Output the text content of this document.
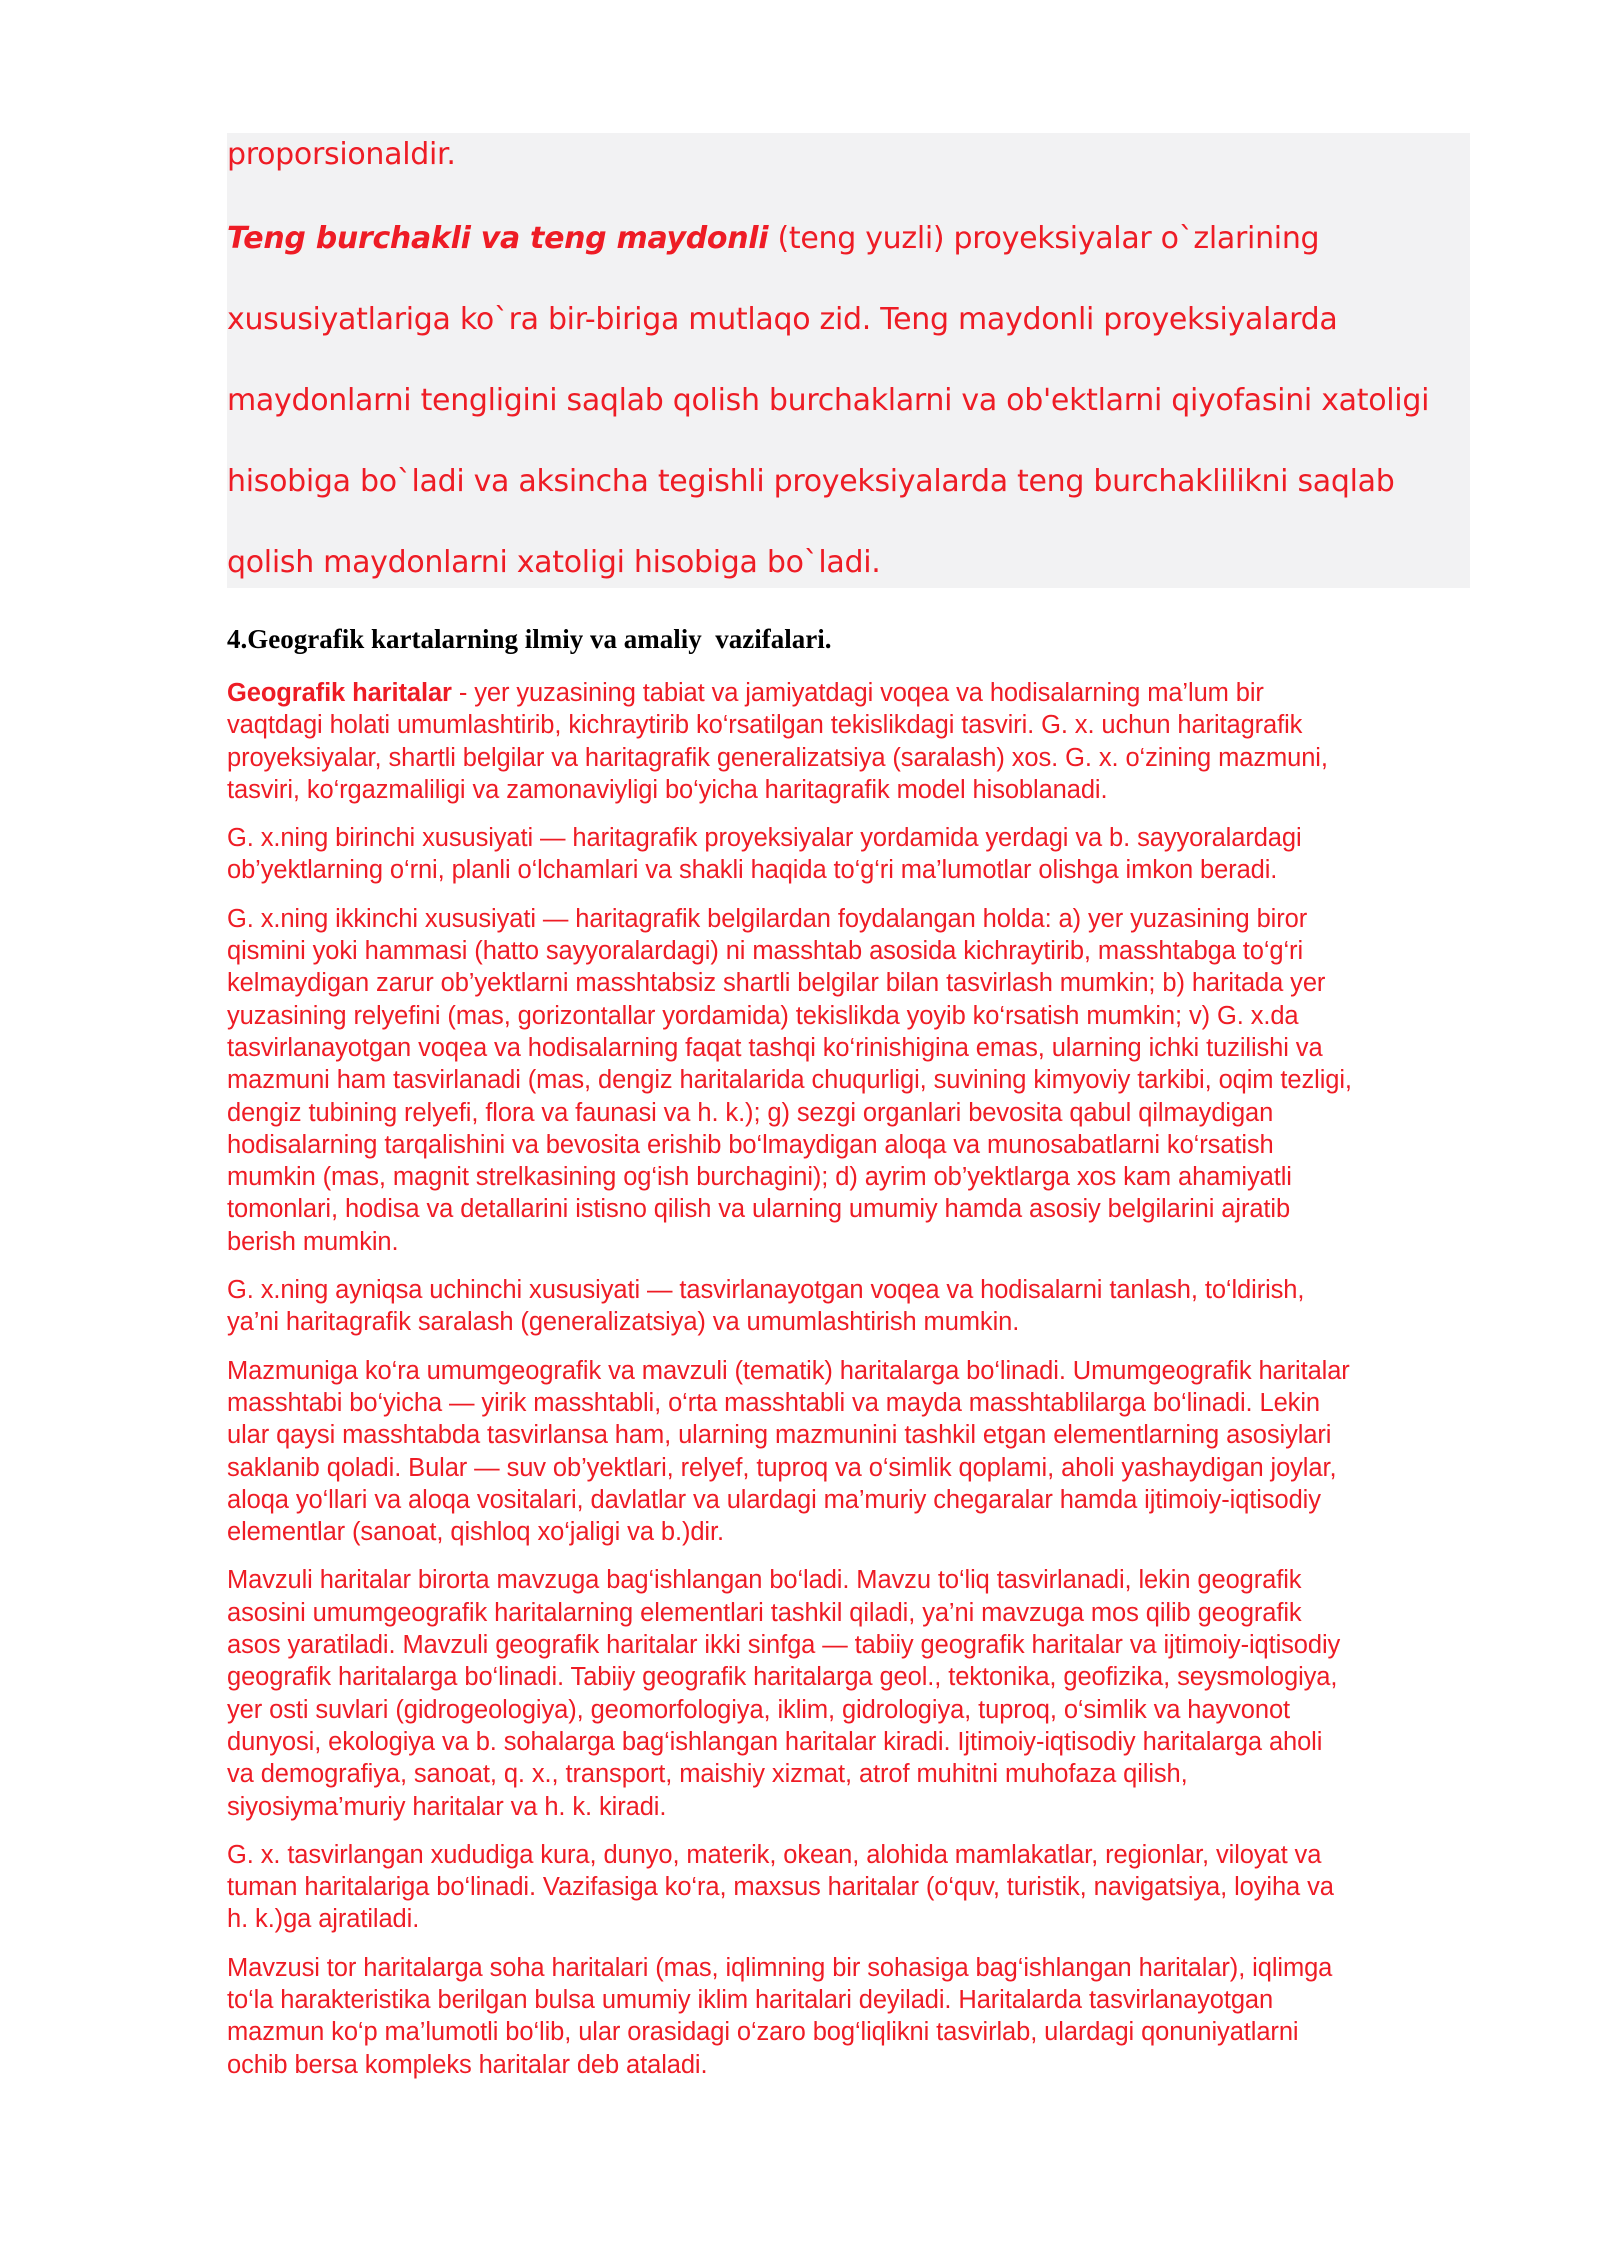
proporsionaldir.

Teng burchakli va teng maydonli (teng yuzli) proyeksiyalar o`zlarining

xususiyatlariga ko`ra bir-biriga mutlaqo zid. Teng maydonli proyeksiyalarda

maydonlarni tengligini saqlab qolish burchaklarni va ob'ektlarni qiyofasini xatoligi

hisobiga bo`ladi va aksincha tegishli proyeksiyalarda teng burchaklilikni saqlab

qolish maydonlarni xatoligi hisobiga bo`ladi.

4.Geografik kartalarning ilmiy va amaliy  vazifalari.

Geografik haritalar - yer yuzasining tabiat va jamiyatdagi voqea va hodisalarning ma’lum bir
vaqtdagi holati umumlashtirib, kichraytirib ko‘rsatilgan tekislikdagi tasviri. G. x. uchun haritagrafik
proyeksiyalar, shartli belgilar va haritagrafik generalizatsiya (saralash) xos. G. x. o‘zining mazmuni,
tasviri, ko‘rgazmaliligi va zamonaviyligi bo‘yicha haritagrafik model hisoblanadi.

G. x.ning birinchi xususiyati — haritagrafik proyeksiyalar yordamida yerdagi va b. sayyoralardagi
ob’yektlarning o‘rni, planli o‘lchamlari va shakli haqida to‘g‘ri ma’lumotlar olishga imkon beradi.

G. x.ning ikkinchi xususiyati — haritagrafik belgilardan foydalangan holda: a) yer yuzasining biror
qismini yoki hammasi (hatto sayyoralardagi) ni masshtab asosida kichraytirib, masshtabga to‘g‘ri
kelmaydigan zarur ob’yektlarni masshtabsiz shartli belgilar bilan tasvirlash mumkin; b) haritada yer
yuzasining relyefini (mas, gorizontallar yordamida) tekislikda yoyib ko‘rsatish mumkin; v) G. x.da
tasvirlanayotgan voqea va hodisalarning faqat tashqi ko‘rinishigina emas, ularning ichki tuzilishi va
mazmuni ham tasvirlanadi (mas, dengiz haritalarida chuqurligi, suvining kimyoviy tarkibi, oqim tezligi,
dengiz tubining relyefi, flora va faunasi va h. k.); g) sezgi organlari bevosita qabul qilmaydigan
hodisalarning tarqalishini va bevosita erishib bo‘lmaydigan aloqa va munosabatlarni ko‘rsatish
mumkin (mas, magnit strelkasining og‘ish burchagini); d) ayrim ob’yektlarga xos kam ahamiyatli
tomonlari, hodisa va detallarini istisno qilish va ularning umumiy hamda asosiy belgilarini ajratib
berish mumkin.

G. x.ning ayniqsa uchinchi xususiyati — tasvirlanayotgan voqea va hodisalarni tanlash, to‘ldirish,
ya’ni haritagrafik saralash (generalizatsiya) va umumlashtirish mumkin.

Mazmuniga ko‘ra umumgeografik va mavzuli (tematik) haritalarga bo‘linadi. Umumgeografik haritalar
masshtabi bo‘yicha — yirik masshtabli, o‘rta masshtabli va mayda masshtablilarga bo‘linadi. Lekin
ular qaysi masshtabda tasvirlansa ham, ularning mazmunini tashkil etgan elementlarning asosiylari
saklanib qoladi. Bular — suv ob’yektlari, relyef, tuproq va o‘simlik qoplami, aholi yashaydigan joylar,
aloqa yo‘llari va aloqa vositalari, davlatlar va ulardagi ma’muriy chegaralar hamda ijtimoiy-iqtisodiy
elementlar (sanoat, qishloq xo‘jaligi va b.)dir.

Mavzuli haritalar birorta mavzuga bag‘ishlangan bo‘ladi. Mavzu to‘liq tasvirlanadi, lekin geografik
asosini umumgeografik haritalarning elementlari tashkil qiladi, ya’ni mavzuga mos qilib geografik
asos yaratiladi. Mavzuli geografik haritalar ikki sinfga — tabiiy geografik haritalar va ijtimoiy-iqtisodiy
geografik haritalarga bo‘linadi. Tabiiy geografik haritalarga geol., tektonika, geofizika, seysmologiya,
yer osti suvlari (gidrogeologiya), geomorfologiya, iklim, gidrologiya, tuproq, o‘simlik va hayvonot
dunyosi, ekologiya va b. sohalarga bag‘ishlangan haritalar kiradi. Ijtimoiy-iqtisodiy haritalarga aholi
va demografiya, sanoat, q. x., transport, maishiy xizmat, atrof muhitni muhofaza qilish,
siyosiyma’muriy haritalar va h. k. kiradi.

G. x. tasvirlangan xududiga kura, dunyo, materik, okean, alohida mamlakatlar, regionlar, viloyat va
tuman haritalariga bo‘linadi. Vazifasiga ko‘ra, maxsus haritalar (o‘quv, turistik, navigatsiya, loyiha va
h. k.)ga ajratiladi.

Mavzusi tor haritalarga soha haritalari (mas, iqlimning bir sohasiga bag‘ishlangan haritalar), iqlimga
to‘la harakteristika berilgan bulsa umumiy iklim haritalari deyiladi. Haritalarda tasvirlanayotgan
mazmun ko‘p ma’lumotli bo‘lib, ular orasidagi o‘zaro bog‘liqlikni tasvirlab, ulardagi qonuniyatlarni
ochib bersa kompleks haritalar deb ataladi.
